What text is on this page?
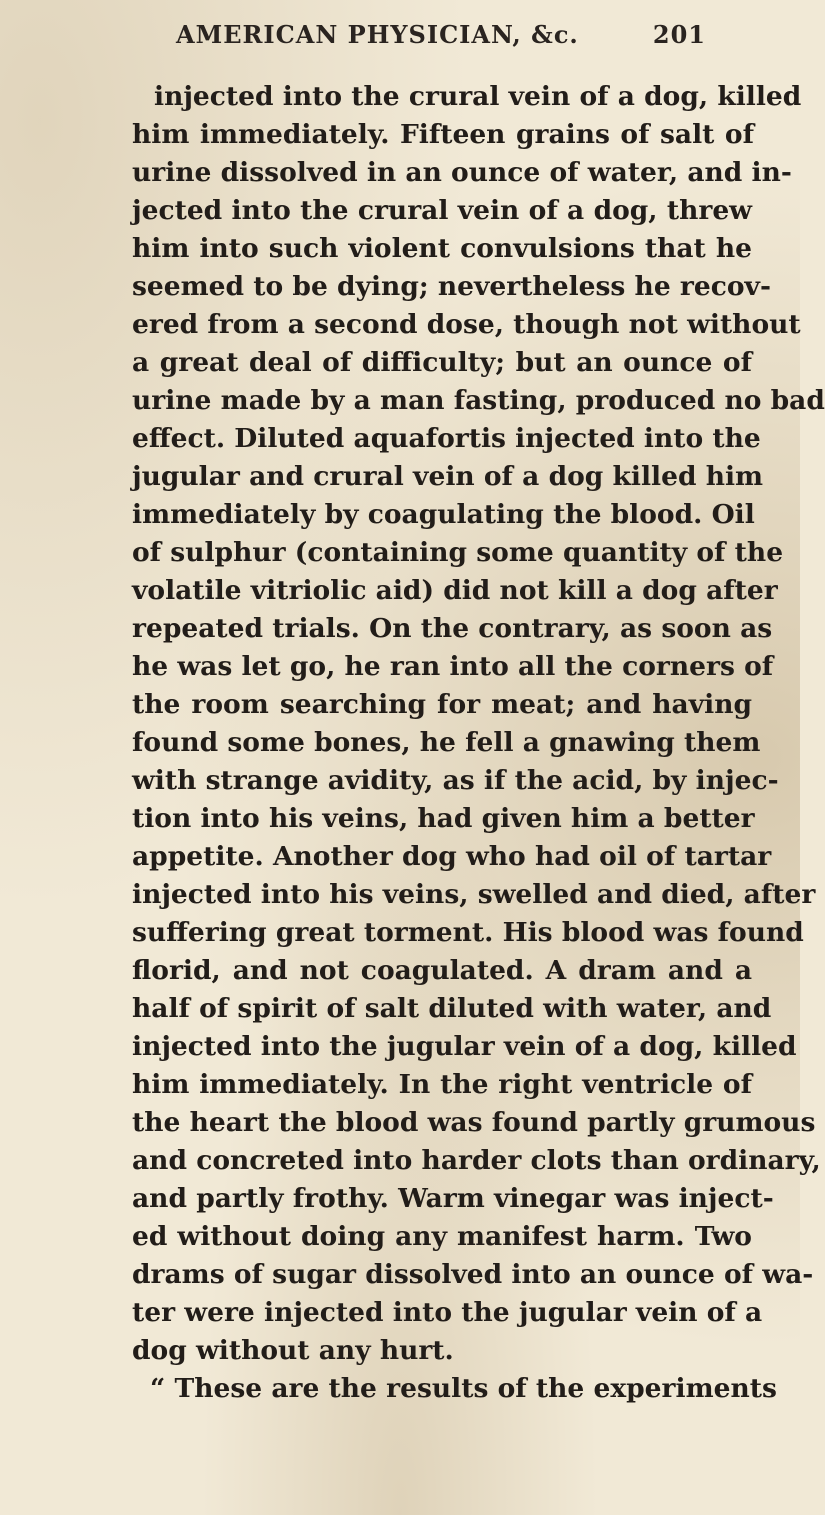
AMERICAN PHYSICIAN, &c.	201
injected into the crural vein of a dog, killed
him immediately. Fifteen grains of salt of
urine dissolved in an ounce of water, and in-
jected into the crural vein of a dog, threw
him into such violent convulsions that he
seemed to be dying; nevertheless he recov-
ered from a second dose, though not without
a great deal of difficulty; but an ounce of
urine made by a man fasting, produced no bad
effect. Diluted aquafortis injected into the
jugular and crural vein of a dog killed him
immediately by coagulating the blood. Oil
of sulphur (containing some quantity of the
volatile vitriolic aid) did not kill a dog after
repeated trials. On the contrary, as soon as
he was let go, he ran into all the corners of
the room searching for meat; and having
found some bones, he fell a gnawing them
with strange avidity, as if the acid, by injec-
tion into his veins, had given him a better
appetite. Another dog who had oil of tartar
injected into his veins, swelled and died, after
suffering great torment. His blood was found
florid, and not coagulated. A dram and a
half of spirit of salt diluted with water, and
injected into the jugular vein of a dog, killed
him immediately. In the right ventricle of
the heart the blood was found partly grumous
and concreted into harder clots than ordinary,
and partly frothy. Warm vinegar was inject-
ed without doing any manifest harm. Two
drams of sugar dissolved into an ounce of wa-
ter were injected into the jugular vein of a
dog without any hurt.
“ These are the results of the experiments
